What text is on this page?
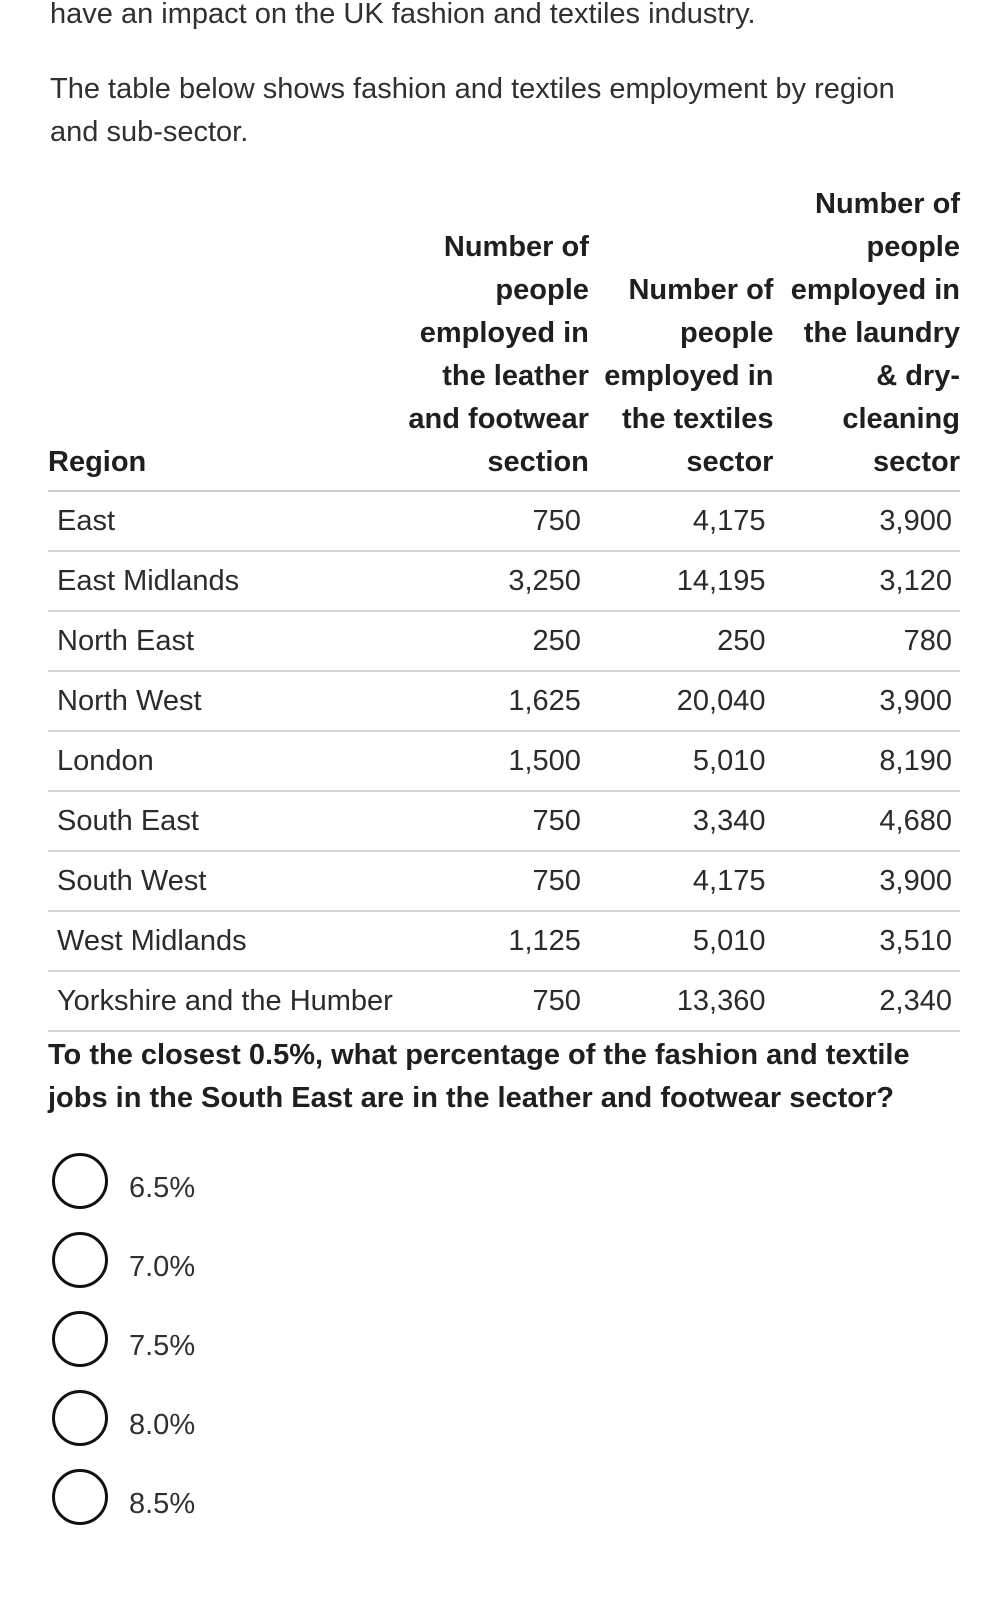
have an impact on the UK fashion and textiles industry.

The table below shows fashion and textiles employment by region and sub-sector.

Region	Number of people employed in the leather and footwear section	Number of people employed in the textiles sector	Number of people employed in the laundry & dry-cleaning sector
East	750	4,175	3,900
East Midlands	3,250	14,195	3,120
North East	250	250	780
North West	1,625	20,040	3,900
London	1,500	5,010	8,190
South East	750	3,340	4,680
South West	750	4,175	3,900
West Midlands	1,125	5,010	3,510
Yorkshire and the Humber	750	13,360	2,340

To the closest 0.5%, what percentage of the fashion and textile jobs in the South East are in the leather and footwear sector?

6.5%
7.0%
7.5%
8.0%
8.5%
